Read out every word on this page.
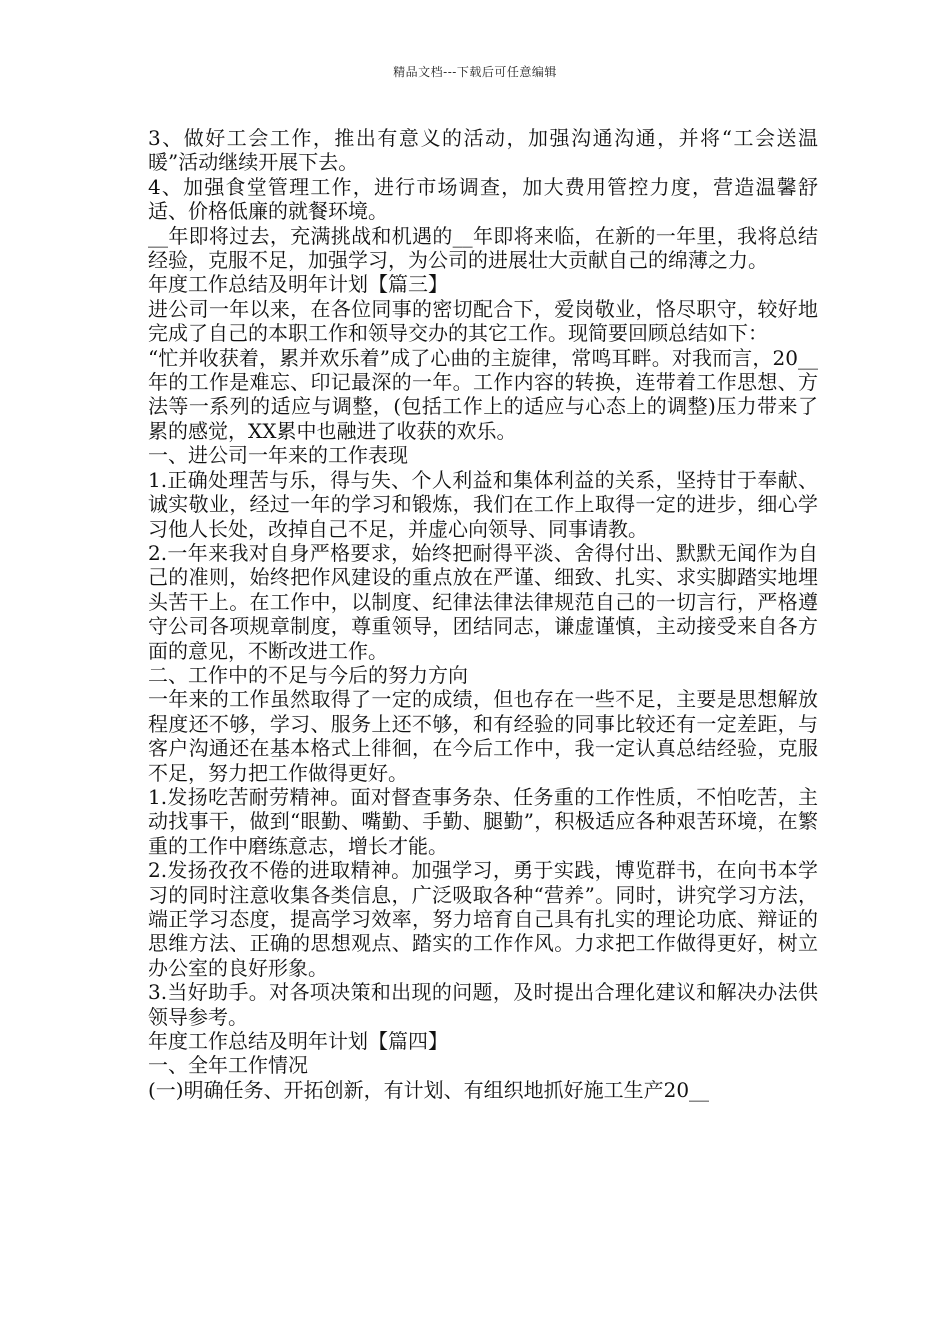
精品文档---下载后可任意编辑

3、做好工会工作，推出有意义的活动，加强沟通沟通，并将“工会送温暖”活动继续开展下去。

4、加强食堂管理工作，进行市场调查，加大费用管控力度，营造温馨舒适、价格低廉的就餐环境。

__年即将过去，充满挑战和机遇的__年即将来临，在新的一年里，我将总结经验，克服不足，加强学习，为公司的进展壮大贡献自己的绵薄之力。

年度工作总结及明年计划【篇三】

进公司一年以来，在各位同事的密切配合下，爱岗敬业，恪尽职守，较好地完成了自己的本职工作和领导交办的其它工作。现简要回顾总结如下：

“忙并收获着，累并欢乐着”成了心曲的主旋律，常鸣耳畔。对我而言，20__年的工作是难忘、印记最深的一年。工作内容的转换，连带着工作思想、方法等一系列的适应与调整，(包括工作上的适应与心态上的调整)压力带来了累的感觉，XX累中也融进了收获的欢乐。

一、进公司一年来的工作表现

1.正确处理苦与乐，得与失、个人利益和集体利益的关系，坚持甘于奉献、诚实敬业，经过一年的学习和锻炼，我们在工作上取得一定的进步，细心学习他人长处，改掉自己不足，并虚心向领导、同事请教。

2.一年来我对自身严格要求，始终把耐得平淡、舍得付出、默默无闻作为自己的准则，始终把作风建设的重点放在严谨、细致、扎实、求实脚踏实地埋头苦干上。在工作中，以制度、纪律法律法律规范自己的一切言行，严格遵守公司各项规章制度，尊重领导，团结同志，谦虚谨慎，主动接受来自各方面的意见，不断改进工作。

二、工作中的不足与今后的努力方向

一年来的工作虽然取得了一定的成绩，但也存在一些不足，主要是思想解放程度还不够，学习、服务上还不够，和有经验的同事比较还有一定差距，与客户沟通还在基本格式上徘徊，在今后工作中，我一定认真总结经验，克服不足，努力把工作做得更好。

1.发扬吃苦耐劳精神。面对督查事务杂、任务重的工作性质，不怕吃苦，主动找事干，做到“眼勤、嘴勤、手勤、腿勤”，积极适应各种艰苦环境，在繁重的工作中磨练意志，增长才能。

2.发扬孜孜不倦的进取精神。加强学习，勇于实践，博览群书，在向书本学习的同时注意收集各类信息，广泛吸取各种“营养”。同时，讲究学习方法，端正学习态度，提高学习效率，努力培育自己具有扎实的理论功底、辩证的思维方法、正确的思想观点、踏实的工作作风。力求把工作做得更好，树立办公室的良好形象。

3.当好助手。对各项决策和出现的问题，及时提出合理化建议和解决办法供领导参考。

年度工作总结及明年计划【篇四】

一、全年工作情况

(一)明确任务、开拓创新，有计划、有组织地抓好施工生产20__
